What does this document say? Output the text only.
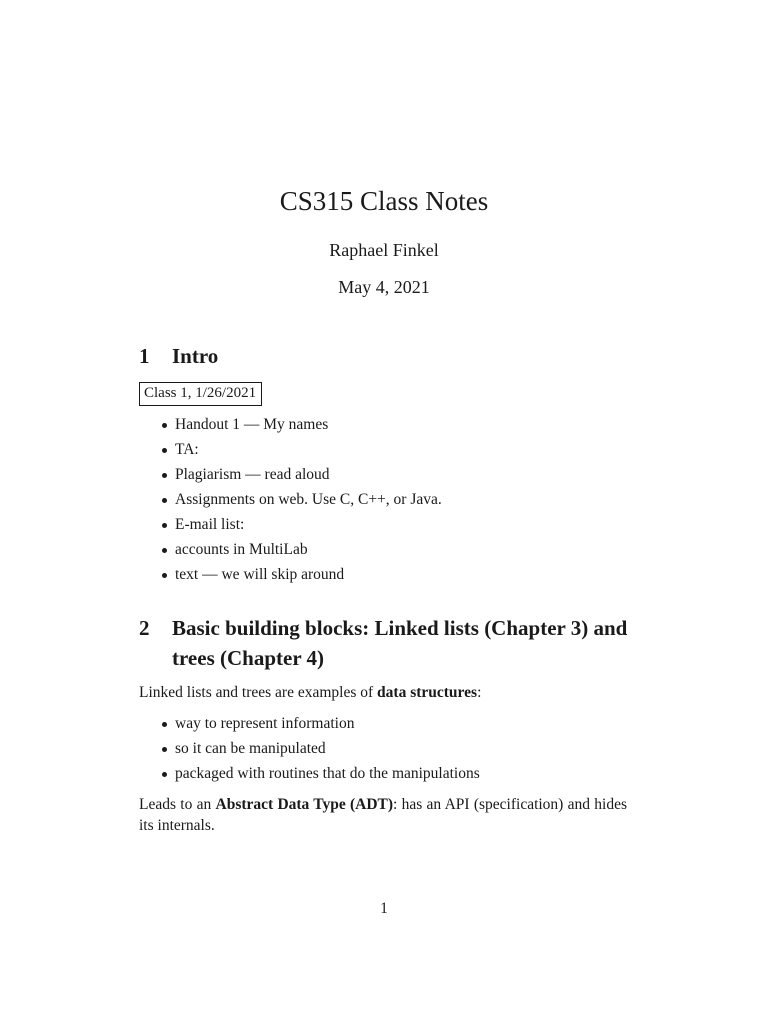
CS315 Class Notes
Raphael Finkel
May 4, 2021
1	Intro
Class 1, 1/26/2021
Handout 1 — My names
TA:
Plagiarism — read aloud
Assignments on web. Use C, C++, or Java.
E-mail list:
accounts in MultiLab
text — we will skip around
2	Basic building blocks: Linked lists (Chapter 3) and trees (Chapter 4)
Linked lists and trees are examples of data structures:
way to represent information
so it can be manipulated
packaged with routines that do the manipulations
Leads to an Abstract Data Type (ADT): has an API (specification) and hides its internals.
1
